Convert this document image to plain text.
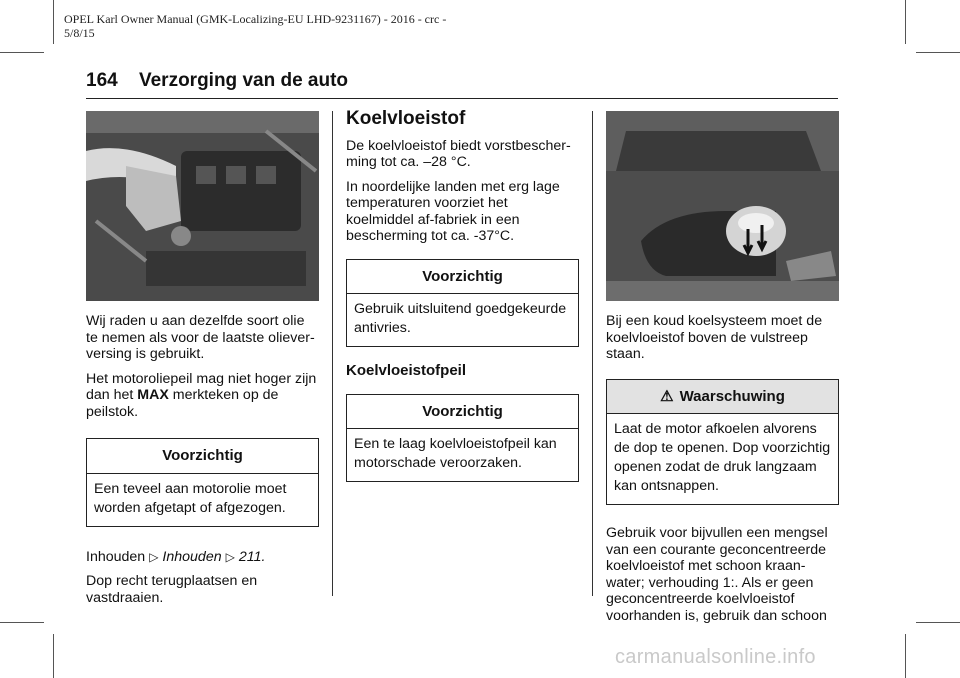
OPEL Karl Owner Manual (GMK-Localizing-EU LHD-9231167) - 2016 - crc -
5/8/15
164 Verzorging van de auto

Wij raden u aan dezelfde soort olie te nemen als voor de laatste olieverversing is gebruikt.

Het motoroliepeil mag niet hoger zijn dan het MAX merkteken op de peilstok.

Voorzichtig
Een teveel aan motorolie moet worden afgetapt of afgezogen.

Inhouden ▷ Inhouden ▷ 211.

Dop recht terugplaatsen en vastdraaien.

Koelvloeistof

De koelvloeistof biedt vorstbescherming tot ca. –28 °C.

In noordelijke landen met erg lage temperaturen voorziet het koelmiddel af-fabriek in een bescherming tot ca. -37°C.

Voorzichtig
Gebruik uitsluitend goedgekeurde antivries.
Koelvloeistofpeil
Voorzichtig
Een te laag koelvloeistofpeil kan motorschade veroorzaken.

Bij een koud koelsysteem moet de koelvloeistof boven de vulstreep staan.

⚠ Waarschuwing
Laat de motor afkoelen alvorens de dop te openen. Dop voorzichtig openen zodat de druk langzaam kan ontsnappen.

Gebruik voor bijvullen een mengsel van een courante geconcentreerde koelvloeistof met schoon kraanwater; verhouding 1:. Als er geen geconcentreerde koelvloeistof voorhanden is, gebruik dan schoon

carmanualsonline.info
